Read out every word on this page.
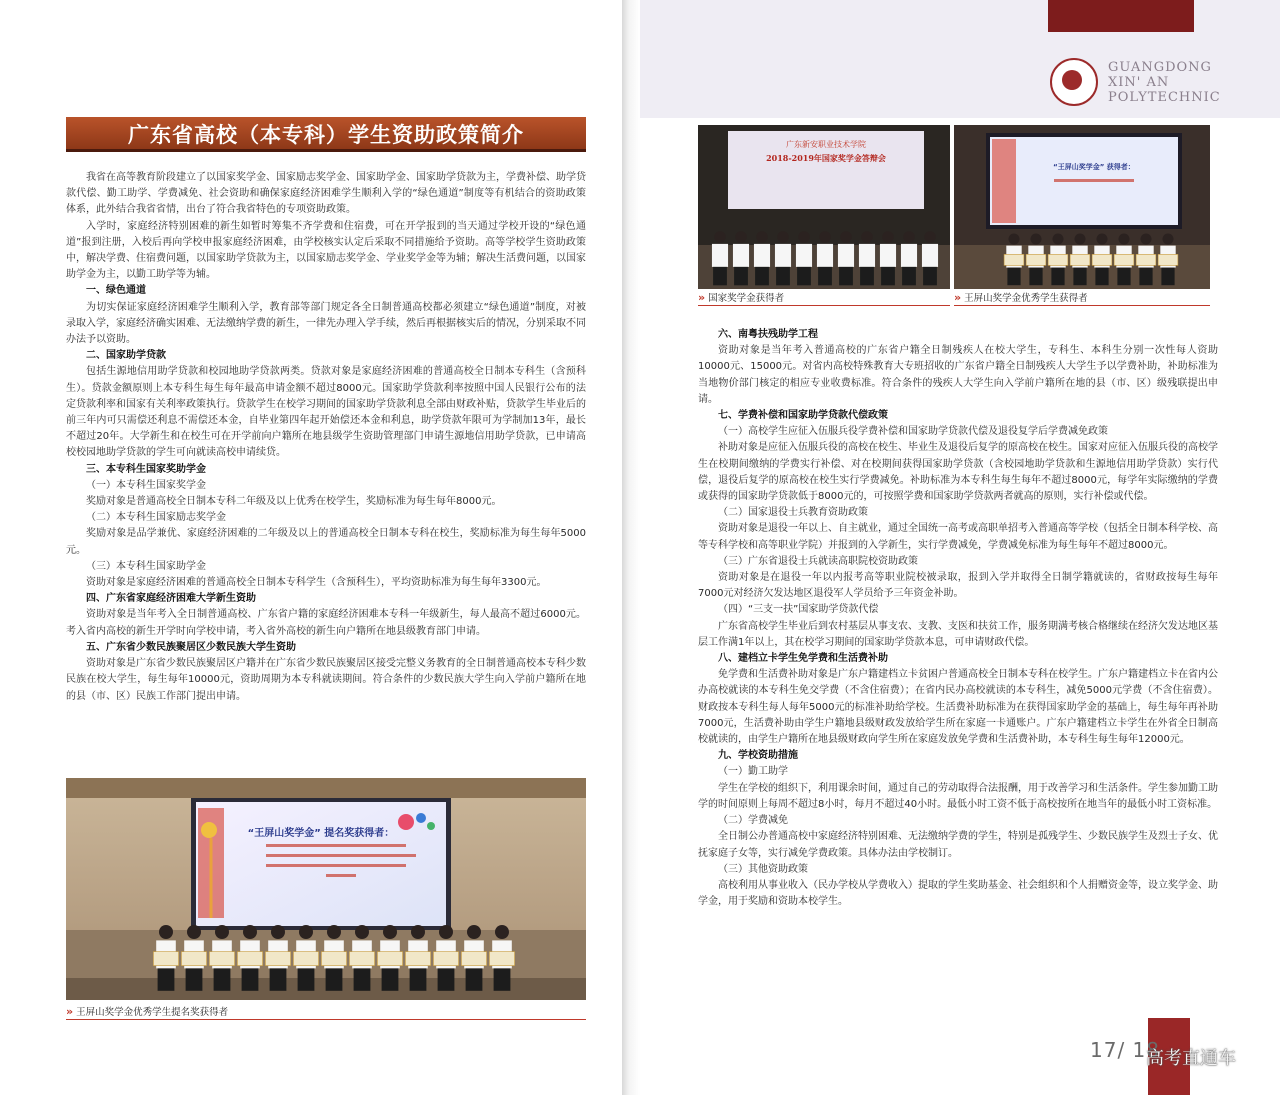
广东省高校（本专科）学生资助政策简介

我省在高等教育阶段建立了以国家奖学金、国家励志奖学金、国家助学金、国家助学贷款为主，学费补偿、助学贷款代偿、勤工助学、学费减免、社会资助和确保家庭经济困难学生顺利入学的“绿色通道”制度等有机结合的资助政策体系，此外结合我省省情，出台了符合我省特色的专项资助政策。

入学时，家庭经济特别困难的新生如暂时筹集不齐学费和住宿费，可在开学报到的当天通过学校开设的“绿色通道”报到注册，入校后再向学校申报家庭经济困难，由学校核实认定后采取不同措施给予资助。高等学校学生资助政策中，解决学费、住宿费问题，以国家助学贷款为主，以国家励志奖学金、学业奖学金等为辅；解决生活费问题，以国家助学金为主，以勤工助学等为辅。

一、绿色通道

为切实保证家庭经济困难学生顺利入学，教育部等部门规定各全日制普通高校都必须建立“绿色通道”制度，对被录取入学，家庭经济确实困难、无法缴纳学费的新生，一律先办理入学手续，然后再根据核实后的情况，分别采取不同办法予以资助。

二、国家助学贷款

包括生源地信用助学贷款和校园地助学贷款两类。贷款对象是家庭经济困难的普通高校全日制本专科生（含预科生）。贷款金额原则上本专科生每生每年最高申请金额不超过8000元。国家助学贷款利率按照中国人民银行公布的法定贷款利率和国家有关利率政策执行。贷款学生在校学习期间的国家助学贷款利息全部由财政补贴，贷款学生毕业后的前三年内可只需偿还利息不需偿还本金，自毕业第四年起开始偿还本金和利息，助学贷款年限可为学制加13年，最长不超过20年。大学新生和在校生可在开学前向户籍所在地县级学生资助管理部门申请生源地信用助学贷款，已申请高校校园地助学贷款的学生可向就读高校申请续贷。

三、本专科生国家奖助学金

（一）本专科生国家奖学金

奖励对象是普通高校全日制本专科二年级及以上优秀在校学生，奖励标准为每生每年8000元。

（二）本专科生国家励志奖学金

奖励对象是品学兼优、家庭经济困难的二年级及以上的普通高校全日制本专科在校生，奖励标准为每生每年5000元。

（三）本专科生国家助学金

资助对象是家庭经济困难的普通高校全日制本专科学生（含预科生），平均资助标准为每生每年3300元。

四、广东省家庭经济困难大学新生资助

资助对象是当年考入全日制普通高校、广东省户籍的家庭经济困难本专科一年级新生，每人最高不超过6000元。考入省内高校的新生开学时向学校申请，考入省外高校的新生向户籍所在地县级教育部门申请。

五、广东省少数民族聚居区少数民族大学生资助

资助对象是广东省少数民族聚居区户籍并在广东省少数民族聚居区接受完整义务教育的全日制普通高校本专科少数民族在校大学生，每生每年10000元，资助周期为本专科就读期间。符合条件的少数民族大学生向入学前户籍所在地的县（市、区）民族工作部门提出申请。

“王屏山奖学金” 提名奖获得者：
» 王屏山奖学金优秀学生提名奖获得者
GUANGDONG
XIN' AN
POLYTECHNIC
广东新安职业技术学院
2018-2019年国家奖学金答辩会
» 国家奖学金获得者
“王屏山奖学金” 获得者：
» 王屏山奖学金优秀学生获得者

六、南粤扶残助学工程

资助对象是当年考入普通高校的广东省户籍全日制残疾人在校大学生，专科生、本科生分别一次性每人资助10000元、15000元。对省内高校特殊教育大专班招收的广东省户籍全日制残疾人大学生予以学费补助，补助标准为当地物价部门核定的相应专业收费标准。符合条件的残疾人大学生向入学前户籍所在地的县（市、区）级残联提出申请。

七、学费补偿和国家助学贷款代偿政策

（一）高校学生应征入伍服兵役学费补偿和国家助学贷款代偿及退役复学后学费减免政策

补助对象是应征入伍服兵役的高校在校生、毕业生及退役后复学的原高校在校生。国家对应征入伍服兵役的高校学生在校期间缴纳的学费实行补偿、对在校期间获得国家助学贷款（含校园地助学贷款和生源地信用助学贷款）实行代偿，退役后复学的原高校在校生实行学费减免。补助标准为本专科生每生每年不超过8000元，每学年实际缴纳的学费或获得的国家助学贷款低于8000元的，可按照学费和国家助学贷款两者就高的原则，实行补偿或代偿。

（二）国家退役士兵教育资助政策

资助对象是退役一年以上、自主就业，通过全国统一高考或高职单招考入普通高等学校（包括全日制本科学校、高等专科学校和高等职业学院）并报到的入学新生，实行学费减免，学费减免标准为每生每年不超过8000元。

（三）广东省退役士兵就读高职院校资助政策

资助对象是在退役一年以内报考高等职业院校被录取，报到入学并取得全日制学籍就读的，省财政按每生每年7000元对经济欠发达地区退役军人学员给予三年资金补助。

（四）“三支一扶”国家助学贷款代偿

广东省高校学生毕业后到农村基层从事支农、支教、支医和扶贫工作，服务期满考核合格继续在经济欠发达地区基层工作满1年以上，其在校学习期间的国家助学贷款本息，可申请财政代偿。

八、建档立卡学生免学费和生活费补助

免学费和生活费补助对象是广东户籍建档立卡贫困户普通高校全日制本专科在校学生。广东户籍建档立卡在省内公办高校就读的本专科生免交学费（不含住宿费）；在省内民办高校就读的本专科生，减免5000元学费（不含住宿费）。财政按本专科生每人每年5000元的标准补助给学校。生活费补助标准为在获得国家助学金的基础上，每生每年再补助7000元，生活费补助由学生户籍地县级财政发放给学生所在家庭一卡通账户。广东户籍建档立卡学生在外省全日制高校就读的，由学生户籍所在地县级财政向学生所在家庭发放免学费和生活费补助，本专科生每生每年12000元。

九、学校资助措施

（一）勤工助学

学生在学校的组织下，利用课余时间，通过自己的劳动取得合法报酬，用于改善学习和生活条件。学生参加勤工助学的时间原则上每周不超过8小时，每月不超过40小时。最低小时工资不低于高校按所在地当年的最低小时工资标准。

（二）学费减免

全日制公办普通高校中家庭经济特别困难、无法缴纳学费的学生，特别是孤残学生、少数民族学生及烈士子女、优抚家庭子女等，实行减免学费政策。具体办法由学校制订。

（三）其他资助政策

高校利用从事业收入（民办学校从学费收入）提取的学生奖助基金、社会组织和个人捐赠资金等，设立奖学金、助学金，用于奖励和资助本校学生。

17/ 18
高考直通车
